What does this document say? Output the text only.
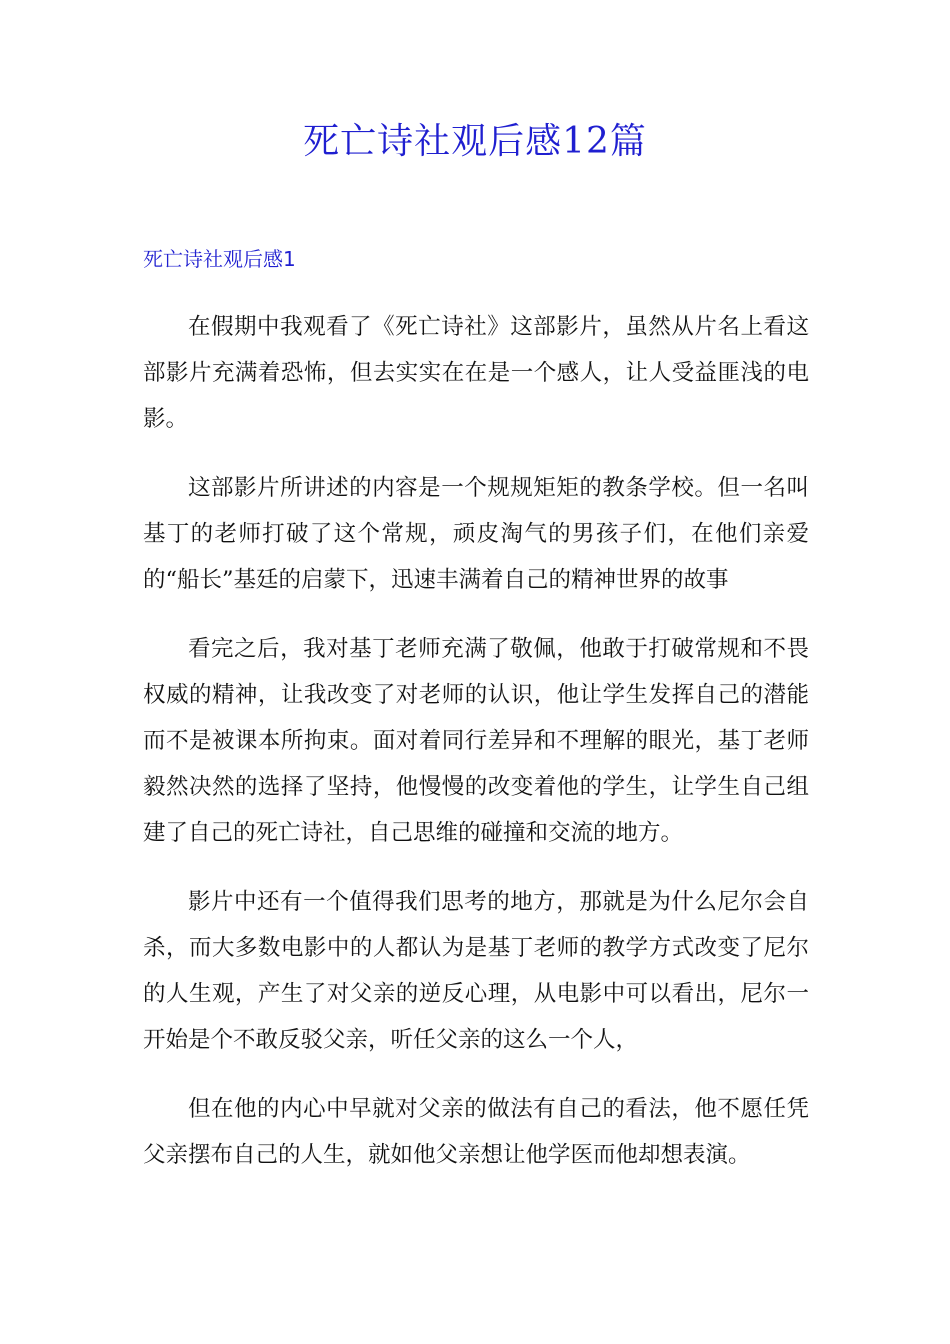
死亡诗社观后感12篇
死亡诗社观后感1

在假期中我观看了《死亡诗社》这部影片，虽然从片名上看这部影片充满着恐怖，但去实实在在是一个感人，让人受益匪浅的电影。

这部影片所讲述的内容是一个规规矩矩的教条学校。但一名叫基丁的老师打破了这个常规，顽皮淘气的男孩子们，在他们亲爱的“船长”基廷的启蒙下，迅速丰满着自己的精神世界的故事

看完之后，我对基丁老师充满了敬佩，他敢于打破常规和不畏权威的精神，让我改变了对老师的认识，他让学生发挥自己的潜能而不是被课本所拘束。面对着同行差异和不理解的眼光，基丁老师毅然决然的选择了坚持，他慢慢的改变着他的学生，让学生自己组建了自己的死亡诗社，自己思维的碰撞和交流的地方。

影片中还有一个值得我们思考的地方，那就是为什么尼尔会自杀，而大多数电影中的人都认为是基丁老师的教学方式改变了尼尔的人生观，产生了对父亲的逆反心理，从电影中可以看出，尼尔一开始是个不敢反驳父亲，听任父亲的这么一个人，

但在他的内心中早就对父亲的做法有自己的看法，他不愿任凭父亲摆布自己的人生，就如他父亲想让他学医而他却想表演。
